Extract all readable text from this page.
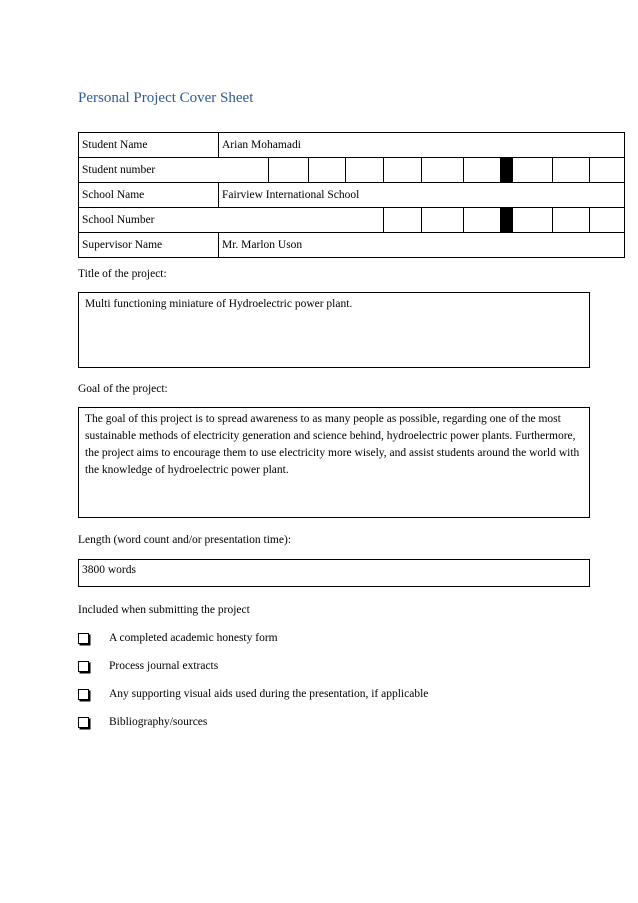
Personal Project Cover Sheet
Student Name	Arian Mohamadi										
Student number											
School Name	Fairview International School										
School Number											
Supervisor Name	Mr. Marlon Uson										
Title of the project:
Multi functioning miniature of Hydroelectric power plant.
Goal of the project:
The goal of this project is to spread awareness to as many people as possible, regarding one of the most sustainable methods of electricity generation and science behind, hydroelectric power plants. Furthermore, the project aims to encourage them to use electricity more wisely, and assist students around the world with the knowledge of hydroelectric power plant.
Length (word count and/or presentation time):
3800 words
Included when submitting the project
A completed academic honesty form
Process journal extracts
Any supporting visual aids used during the presentation, if applicable
Bibliography/sources
